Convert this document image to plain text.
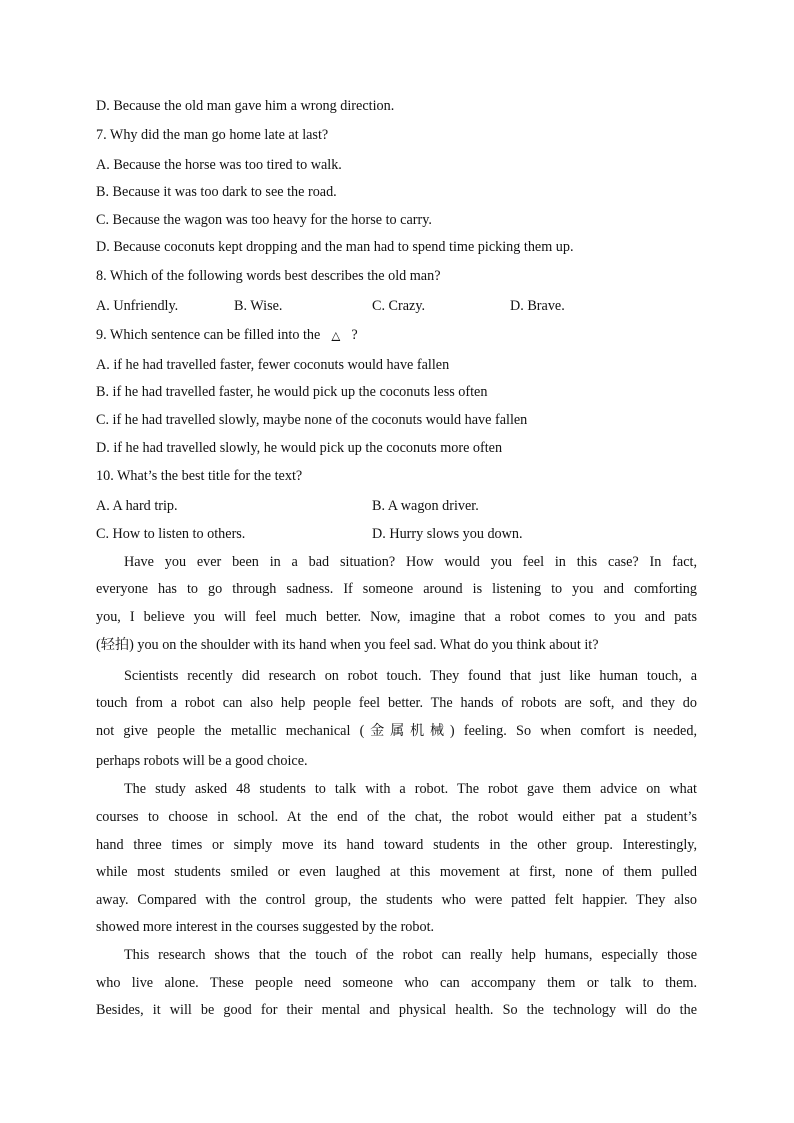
D. Because the old man gave him a wrong direction.
7. Why did the man go home late at last?
A. Because the horse was too tired to walk.
B. Because it was too dark to see the road.
C. Because the wagon was too heavy for the horse to carry.
D. Because coconuts kept dropping and the man had to spend time picking them up.
8. Which of the following words best describes the old man?
A. Unfriendly.	B. Wise.	C. Crazy.	D. Brave.
9. Which sentence can be filled into the △ ?
A. if he had travelled faster, fewer coconuts would have fallen
B. if he had travelled faster, he would pick up the coconuts less often
C. if he had travelled slowly, maybe none of the coconuts would have fallen
D. if he had travelled slowly, he would pick up the coconuts more often
10. What’s the best title for the text?
A. A hard trip.	B. A wagon driver.
C. How to listen to others.	D. Hurry slows you down.
Have you ever been in a bad situation? How would you feel in this case? In fact,
everyone has to go through sadness. If someone around is listening to you and comforting
you, I believe you will feel much better. Now, imagine that a robot comes to you and pats
(轻拍) you on the shoulder with its hand when you feel sad. What do you think about it?
Scientists recently did research on robot touch. They found that just like human touch, a
touch from a robot can also help people feel better. The hands of robots are soft, and they do
not give people the metallic mechanical (金属机械) feeling. So when comfort is needed,
perhaps robots will be a good choice.
The study asked 48 students to talk with a robot. The robot gave them advice on what
courses to choose in school. At the end of the chat, the robot would either pat a student’s
hand three times or simply move its hand toward students in the other group. Interestingly,
while most students smiled or even laughed at this movement at first, none of them pulled
away. Compared with the control group, the students who were patted felt happier. They also
showed more interest in the courses suggested by the robot.
This research shows that the touch of the robot can really help humans, especially those
who live alone. These people need someone who can accompany them or talk to them.
Besides, it will be good for their mental and physical health. So the technology will do the
